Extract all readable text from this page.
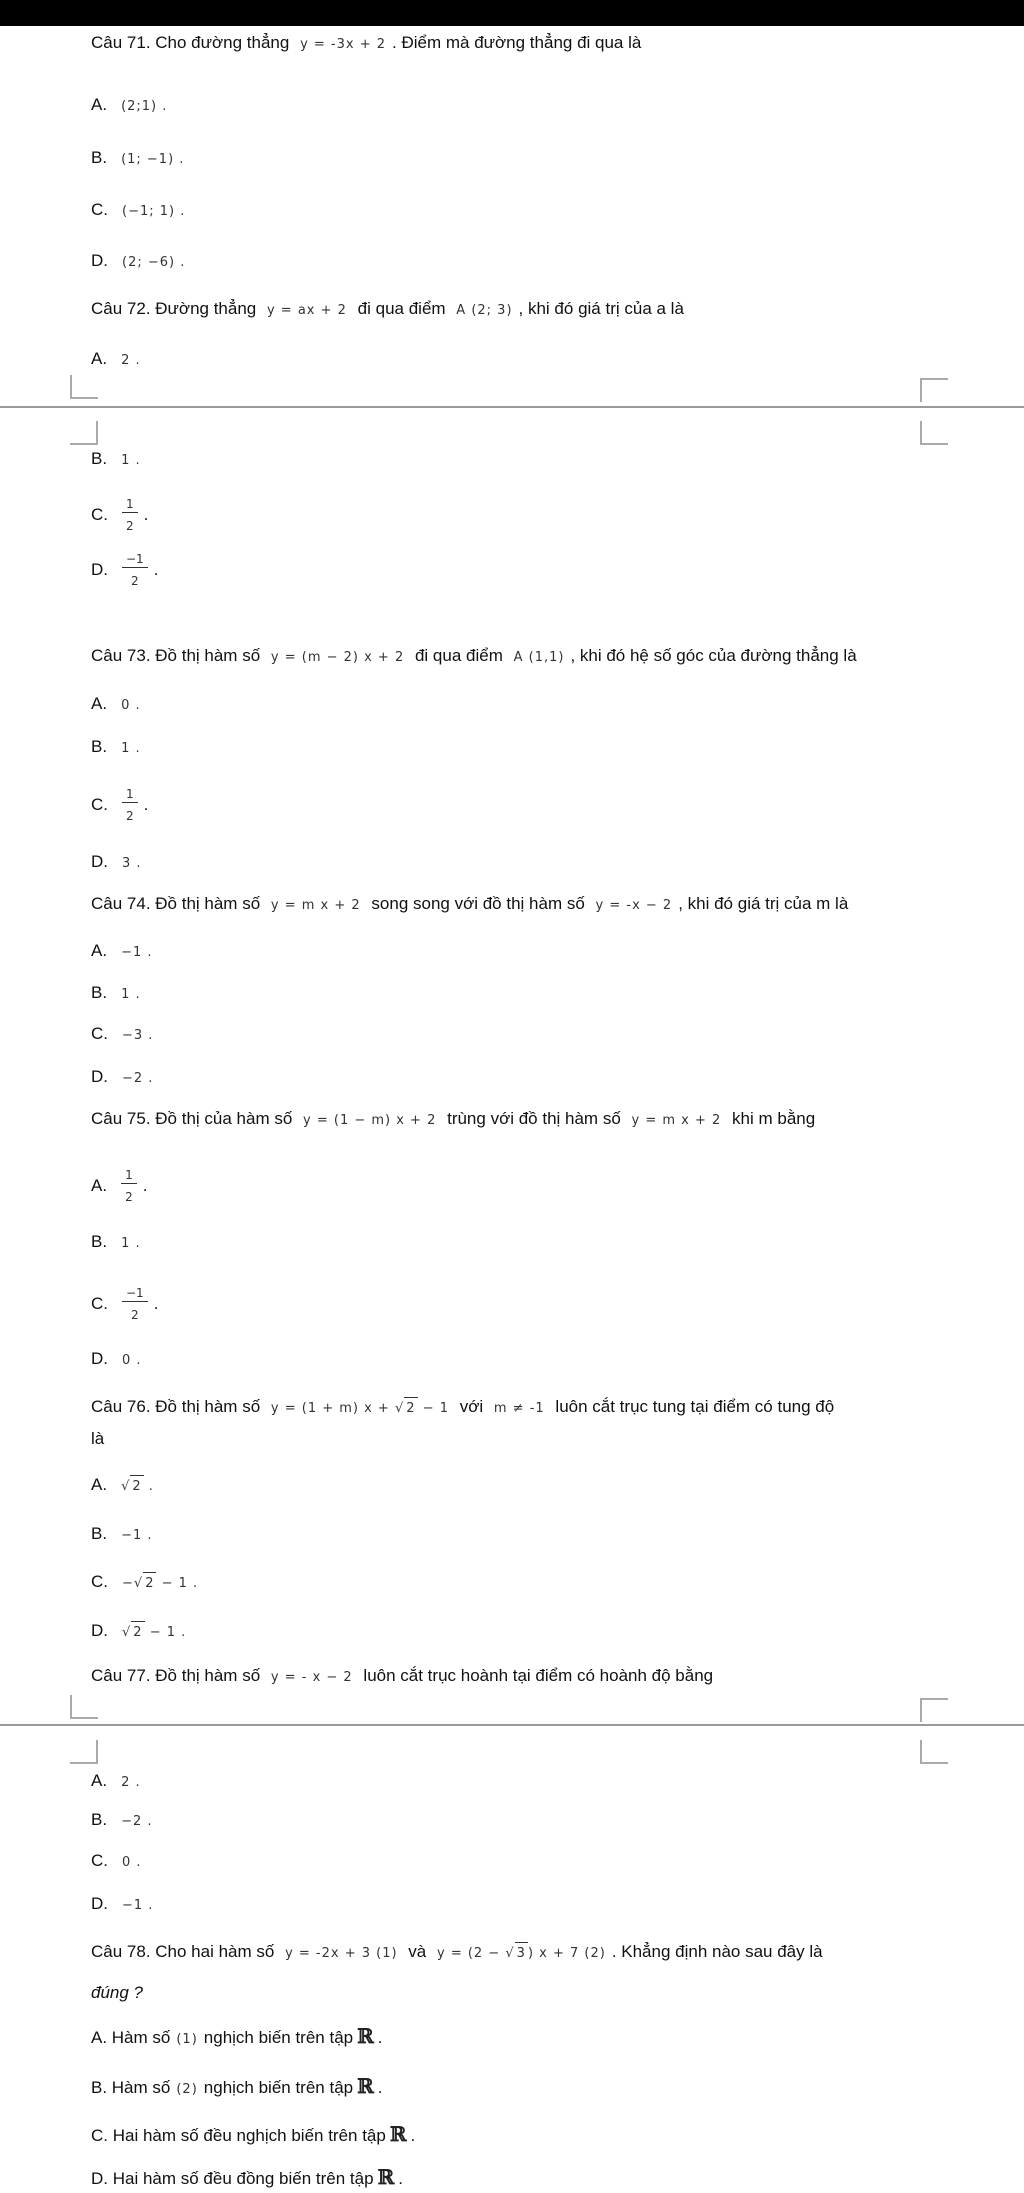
Câu 71. Cho đường thẳng y = -3x + 2 . Điểm mà đường thẳng đi qua là
A. (2;1) .
B. (1; −1) .
C. (−1; 1) .
D. (2; −6) .
Câu 72. Đường thẳng y = ax + 2 đi qua điểm A (2; 3) , khi đó giá trị của a là
A. 2 .
B. 1 .
C. $\frac{1}{2}$ .
D. $\frac{-1}{2}$ .
Câu 73. Đồ thị hàm số y = (m − 2) x + 2 đi qua điểm A (1,1) , khi đó hệ số góc của đường thẳng là
A. 0 .
B. 1 .
C. $\frac{1}{2}$ .
D. 3 .
Câu 74. Đồ thị hàm số y = m x + 2 song song với đồ thị hàm số y = -x − 2 , khi đó giá trị của m là
A. −1 .
B. 1 .
C. −3 .
D. −2 .
Câu 75. Đồ thị của hàm số y = (1 − m) x + 2 trùng với đồ thị hàm số y = m x + 2 khi m bằng
A. $\frac{1}{2}$ .
B. 1 .
C. $\frac{-1}{2}$ .
D. 0 .
Câu 76. Đồ thị hàm số y = (1 + m) x + √ 2 − 1 với m ≠ -1 luôn cắt trục tung tại điểm có tung độ
là
A. √ 2 .
B. −1 .
C. −√ 2 − 1 .
D. √ 2 − 1 .
Câu 77. Đồ thị hàm số y = - x − 2 luôn cắt trục hoành tại điểm có hoành độ bằng
A. 2 .
B. −2 .
C. 0 .
D. −1 .
Câu 78. Cho hai hàm số y = -2x + 3 (1) và y = (2 − √ 3 ) x + 7 (2) . Khẳng định nào sau đây là
đúng ?
A. Hàm số (1) nghịch biến trên tập ℝ .
B. Hàm số (2) nghịch biến trên tập ℝ .
C. Hai hàm số đều nghịch biến trên tập ℝ .
D. Hai hàm số đều đồng biến trên tập ℝ .
